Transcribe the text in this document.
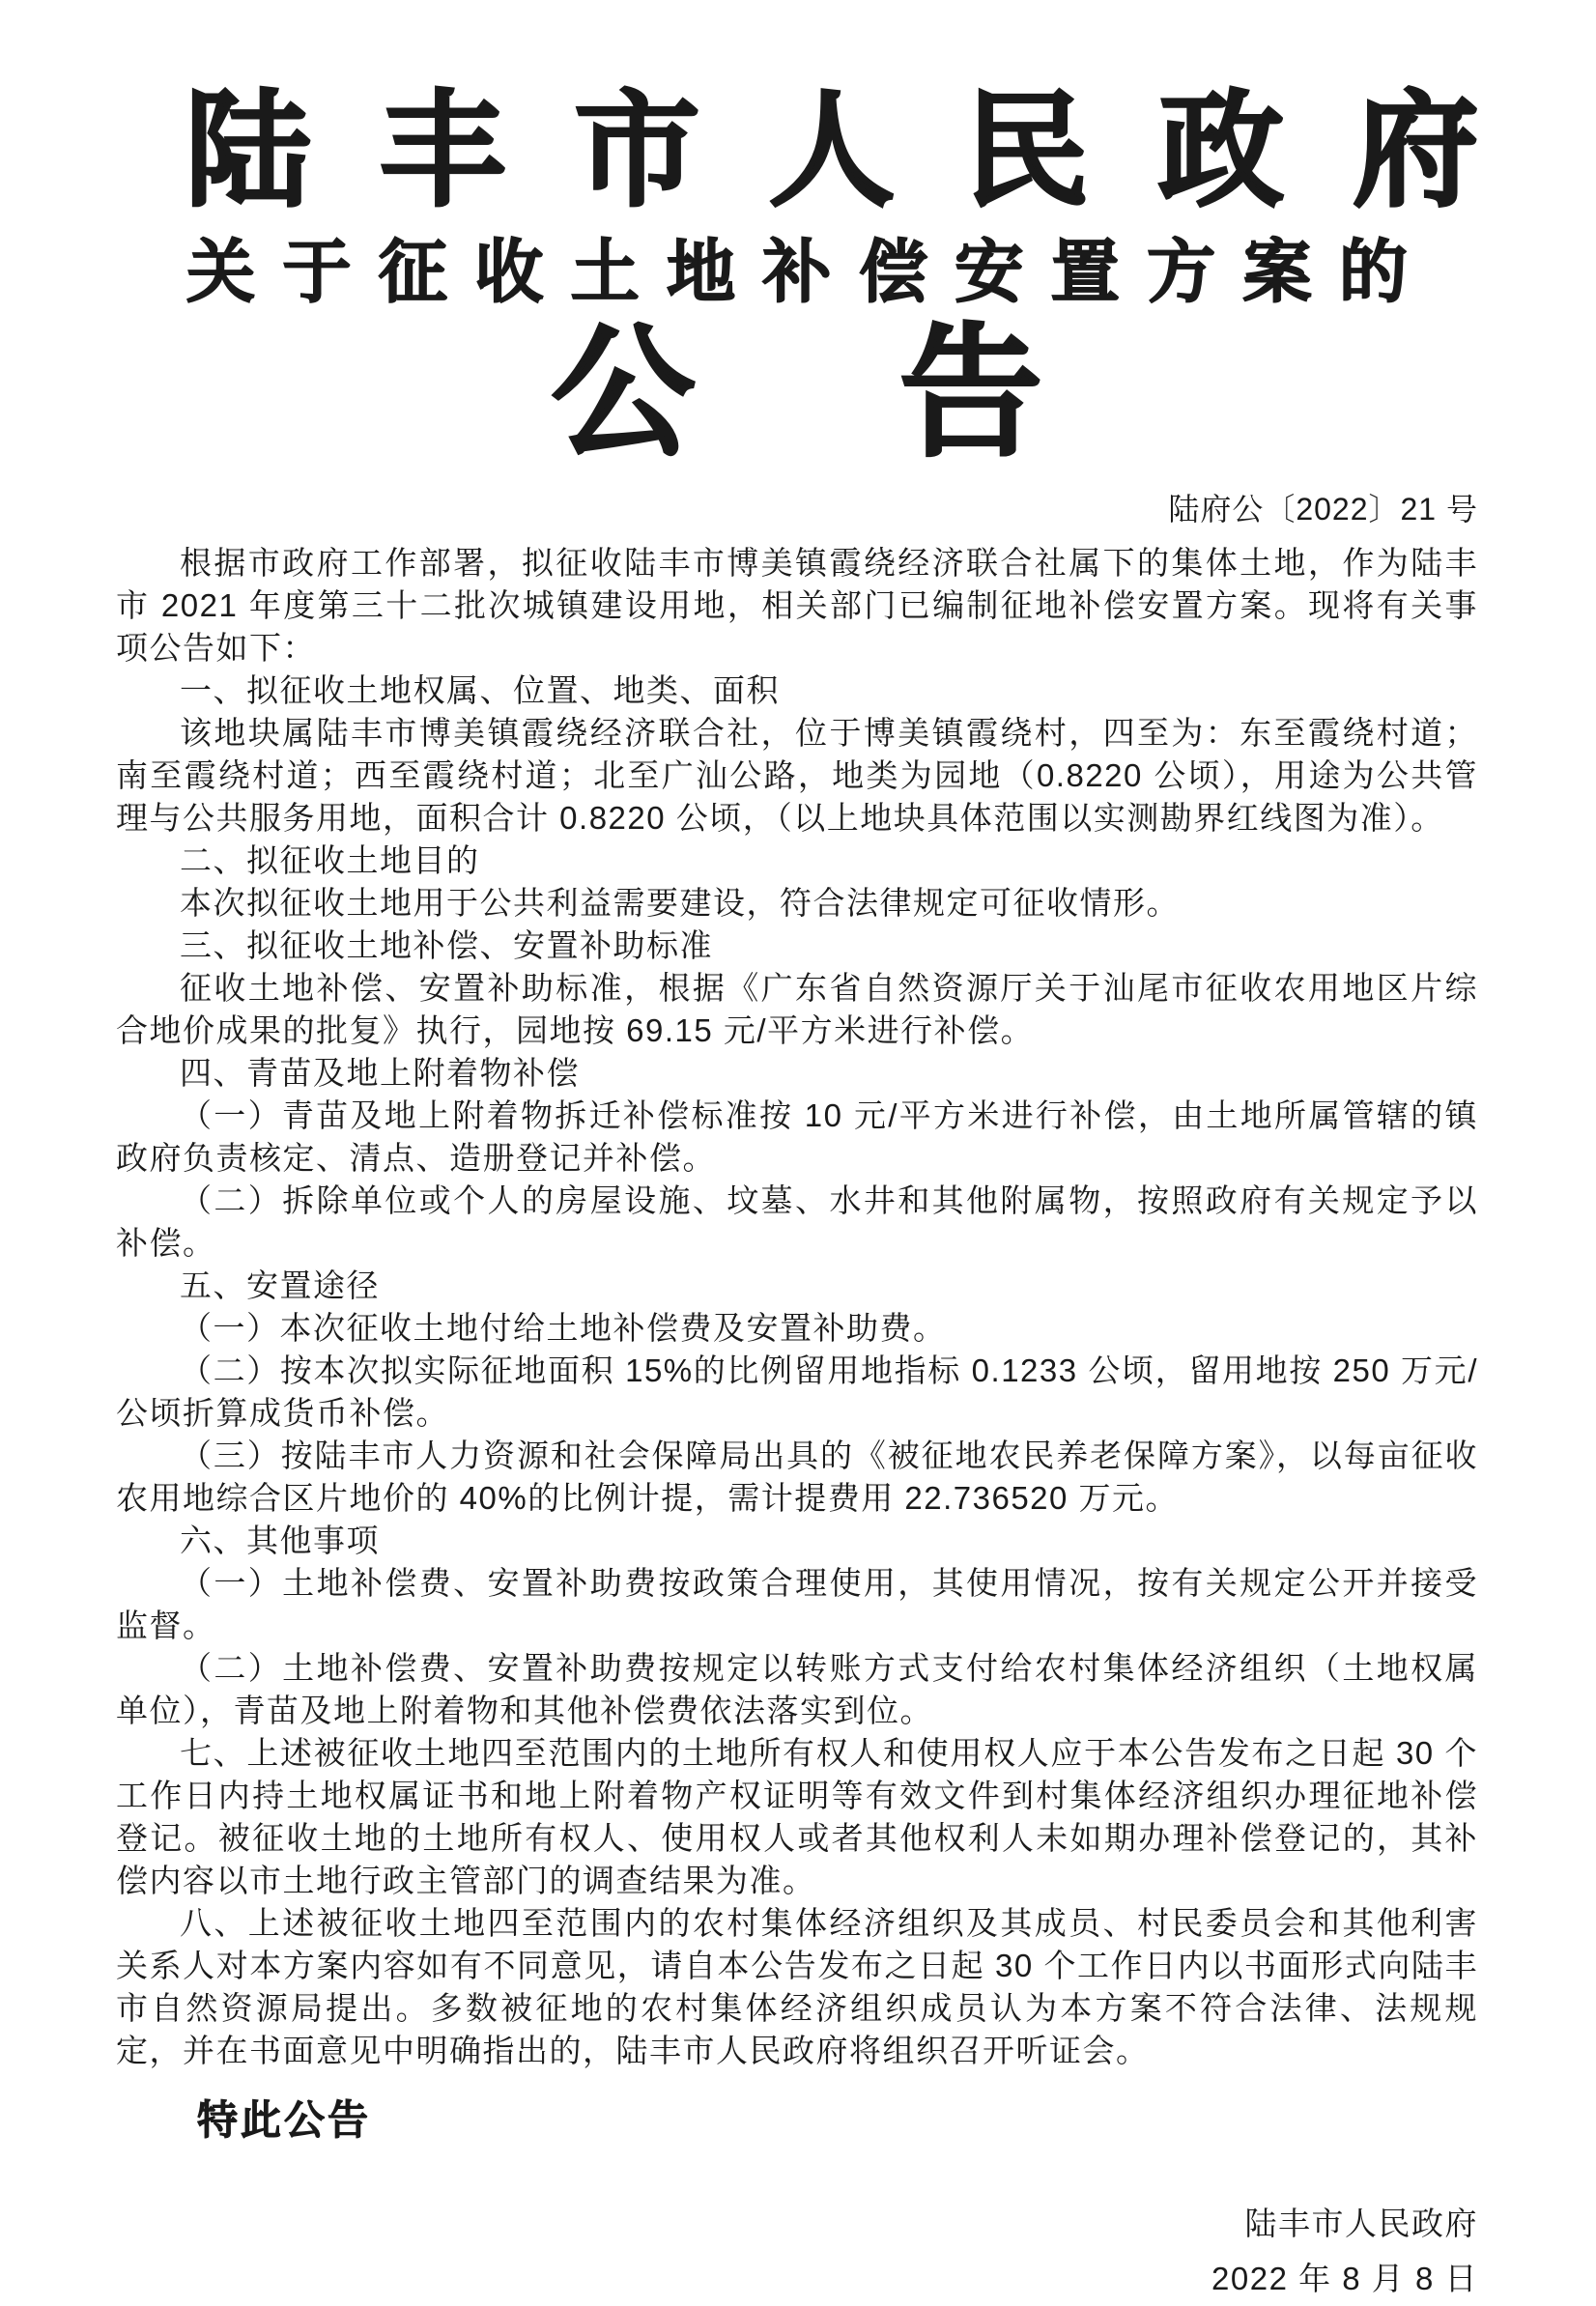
陆丰市人民政府
关于征收土地补偿安置方案的
公 告
陆府公〔2022〕21 号

根据市政府工作部署，拟征收陆丰市博美镇霞绕经济联合社属下的集体土地，作为陆丰市 2021 年度第三十二批次城镇建设用地，相关部门已编制征地补偿安置方案。现将有关事项公告如下：

一、拟征收土地权属、位置、地类、面积

该地块属陆丰市博美镇霞绕经济联合社，位于博美镇霞绕村，四至为：东至霞绕村道；南至霞绕村道；西至霞绕村道；北至广汕公路，地类为园地（0.8220 公顷），用途为公共管理与公共服务用地，面积合计 0.8220 公顷，（以上地块具体范围以实测勘界红线图为准）。

二、拟征收土地目的

本次拟征收土地用于公共利益需要建设，符合法律规定可征收情形。

三、拟征收土地补偿、安置补助标准

征收土地补偿、安置补助标准，根据《广东省自然资源厅关于汕尾市征收农用地区片综合地价成果的批复》执行，园地按 69.15 元/平方米进行补偿。

四、青苗及地上附着物补偿

（一）青苗及地上附着物拆迁补偿标准按 10 元/平方米进行补偿，由土地所属管辖的镇政府负责核定、清点、造册登记并补偿。

（二）拆除单位或个人的房屋设施、坟墓、水井和其他附属物，按照政府有关规定予以补偿。

五、安置途径

（一）本次征收土地付给土地补偿费及安置补助费。

（二）按本次拟实际征地面积 15%的比例留用地指标 0.1233 公顷，留用地按 250 万元/公顷折算成货币补偿。

（三）按陆丰市人力资源和社会保障局出具的《被征地农民养老保障方案》，以每亩征收农用地综合区片地价的 40%的比例计提，需计提费用 22.736520 万元。

六、其他事项

（一）土地补偿费、安置补助费按政策合理使用，其使用情况，按有关规定公开并接受监督。

（二）土地补偿费、安置补助费按规定以转账方式支付给农村集体经济组织（土地权属单位），青苗及地上附着物和其他补偿费依法落实到位。

七、上述被征收土地四至范围内的土地所有权人和使用权人应于本公告发布之日起 30 个工作日内持土地权属证书和地上附着物产权证明等有效文件到村集体经济组织办理征地补偿登记。被征收土地的土地所有权人、使用权人或者其他权利人未如期办理补偿登记的，其补偿内容以市土地行政主管部门的调查结果为准。

八、上述被征收土地四至范围内的农村集体经济组织及其成员、村民委员会和其他利害关系人对本方案内容如有不同意见，请自本公告发布之日起 30 个工作日内以书面形式向陆丰市自然资源局提出。多数被征地的农村集体经济组织成员认为本方案不符合法律、法规规定，并在书面意见中明确指出的，陆丰市人民政府将组织召开听证会。

特此公告
陆丰市人民政府
2022 年 8 月 8 日
